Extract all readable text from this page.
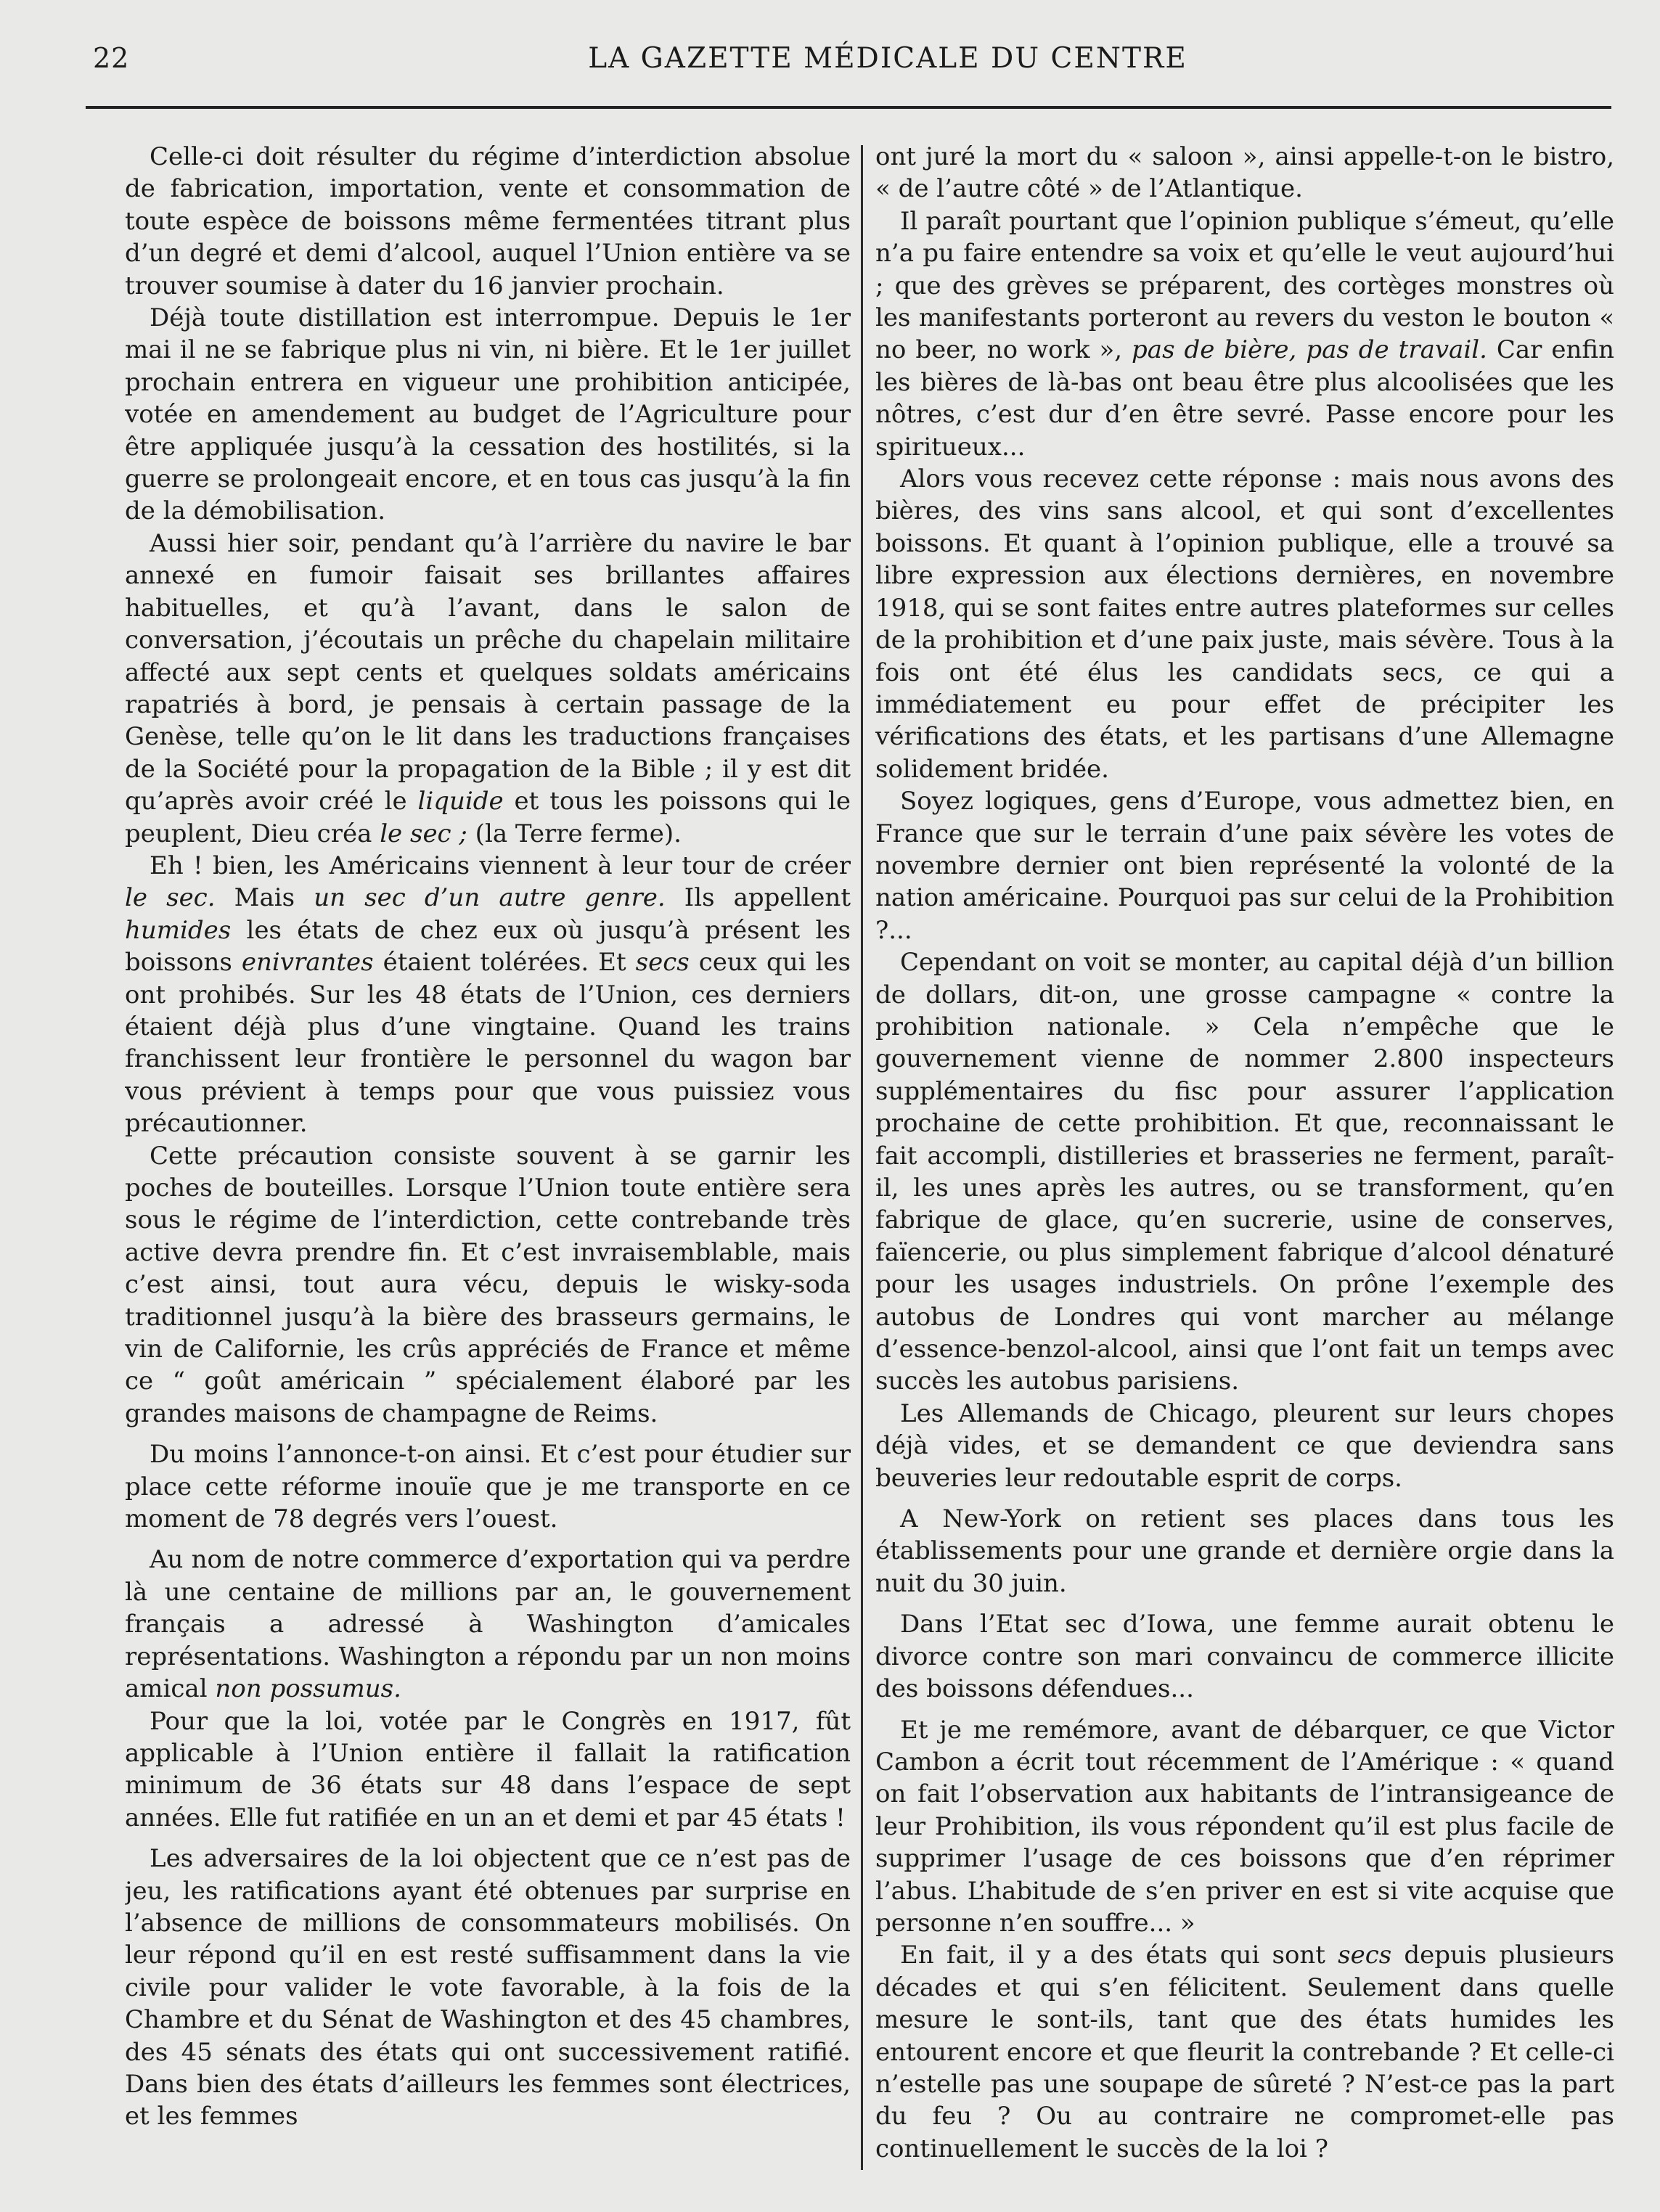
22	LA GAZETTE MÉDICALE DU CENTRE

Celle-ci doit résulter du régime d’interdiction absolue de fabrication, importation, vente et consommation de toute espèce de boissons même fermentées titrant plus d’un degré et demi d’alcool, auquel l’Union entière va se trouver soumise à dater du 16 janvier prochain.

Déjà toute distillation est interrompue. Depuis le 1er mai il ne se fabrique plus ni vin, ni bière. Et le 1er juillet prochain entrera en vigueur une prohibition anticipée, votée en amendement au budget de l’Agriculture pour être appliquée jusqu’à la cessation des hostilités, si la guerre se prolongeait encore, et en tous cas jusqu’à la fin de la démobilisation.

Aussi hier soir, pendant qu’à l’arrière du navire le bar annexé en fumoir faisait ses brillantes affaires habituelles, et qu’à l’avant, dans le salon de conversation, j’écoutais un prêche du chapelain militaire affecté aux sept cents et quelques soldats américains rapatriés à bord, je pensais à certain passage de la Genèse, telle qu’on le lit dans les traductions françaises de la Société pour la propagation de la Bible ; il y est dit qu’après avoir créé le liquide et tous les poissons qui le peuplent, Dieu créa le sec ; (la Terre ferme).

Eh ! bien, les Américains viennent à leur tour de créer le sec. Mais un sec d’un autre genre. Ils appellent humides les états de chez eux où jusqu’à présent les boissons enivrantes étaient tolérées. Et secs ceux qui les ont prohibés. Sur les 48 états de l’Union, ces derniers étaient déjà plus d’une vingtaine. Quand les trains franchissent leur frontière le personnel du wagon bar vous prévient à temps pour que vous puissiez vous précautionner.

Cette précaution consiste souvent à se garnir les poches de bouteilles. Lorsque l’Union toute entière sera sous le régime de l’interdiction, cette contrebande très active devra prendre fin. Et c’est invraisemblable, mais c’est ainsi, tout aura vécu, depuis le wisky-soda traditionnel jusqu’à la bière des brasseurs germains, le vin de Californie, les crûs appréciés de France et même ce “ goût américain ” spécialement élaboré par les grandes maisons de champagne de Reims.

Du moins l’annonce-t-on ainsi. Et c’est pour étudier sur place cette réforme inouïe que je me transporte en ce moment de 78 degrés vers l’ouest.

Au nom de notre commerce d’exportation qui va perdre là une centaine de millions par an, le gouvernement français a adressé à Washington d’amicales représentations. Washington a répondu par un non moins amical non possumus.

Pour que la loi, votée par le Congrès en 1917, fût applicable à l’Union entière il fallait la ratification minimum de 36 états sur 48 dans l’espace de sept années. Elle fut ratifiée en un an et demi et par 45 états !

Les adversaires de la loi objectent que ce n’est pas de jeu, les ratifications ayant été obtenues par surprise en l’absence de millions de consommateurs mobilisés. On leur répond qu’il en est resté suffisamment dans la vie civile pour valider le vote favorable, à la fois de la Chambre et du Sénat de Washington et des 45 chambres, des 45 sénats des états qui ont successivement ratifié. Dans bien des états d’ailleurs les femmes sont électrices, et les femmes

ont juré la mort du « saloon », ainsi appelle-t-on le bistro, « de l’autre côté » de l’Atlantique.

Il paraît pourtant que l’opinion publique s’émeut, qu’elle n’a pu faire entendre sa voix et qu’elle le veut aujourd’hui ; que des grèves se préparent, des cortèges monstres où les manifestants porteront au revers du veston le bouton « no beer, no work », pas de bière, pas de travail. Car enfin les bières de là-bas ont beau être plus alcoolisées que les nôtres, c’est dur d’en être sevré. Passe encore pour les spiritueux...

Alors vous recevez cette réponse : mais nous avons des bières, des vins sans alcool, et qui sont d’excellentes boissons. Et quant à l’opinion publique, elle a trouvé sa libre expression aux élections dernières, en novembre 1918, qui se sont faites entre autres plateformes sur celles de la prohibition et d’une paix juste, mais sévère. Tous à la fois ont été élus les candidats secs, ce qui a immédiatement eu pour effet de précipiter les vérifications des états, et les partisans d’une Allemagne solidement bridée.

Soyez logiques, gens d’Europe, vous admettez bien, en France que sur le terrain d’une paix sévère les votes de novembre dernier ont bien représenté la volonté de la nation américaine. Pourquoi pas sur celui de la Prohibition ?...

Cependant on voit se monter, au capital déjà d’un billion de dollars, dit-on, une grosse campagne « contre la prohibition nationale. » Cela n’empêche que le gouvernement vienne de nommer 2.800 inspecteurs supplémentaires du fisc pour assurer l’application prochaine de cette prohibition. Et que, reconnaissant le fait accompli, distilleries et brasseries ne ferment, paraît-il, les unes après les autres, ou se transforment, qu’en fabrique de glace, qu’en sucrerie, usine de conserves, faïencerie, ou plus simplement fabrique d’alcool dénaturé pour les usages industriels. On prône l’exemple des autobus de Londres qui vont marcher au mélange d’essence-benzol-alcool, ainsi que l’ont fait un temps avec succès les autobus parisiens.

Les Allemands de Chicago, pleurent sur leurs chopes déjà vides, et se demandent ce que deviendra sans beuveries leur redoutable esprit de corps.

A New-York on retient ses places dans tous les établissements pour une grande et dernière orgie dans la nuit du 30 juin.

Dans l’Etat sec d’Iowa, une femme aurait obtenu le divorce contre son mari convaincu de commerce illicite des boissons défendues...

Et je me remémore, avant de débarquer, ce que Victor Cambon a écrit tout récemment de l’Amérique : « quand on fait l’observation aux habitants de l’intransigeance de leur Prohibition, ils vous répondent qu’il est plus facile de supprimer l’usage de ces boissons que d’en réprimer l’abus. L’habitude de s’en priver en est si vite acquise que personne n’en souffre... »

En fait, il y a des états qui sont secs depuis plusieurs décades et qui s’en félicitent. Seulement dans quelle mesure le sont-ils, tant que des états humides les entourent encore et que fleurit la contrebande ? Et celle-ci n’estelle pas une soupape de sûreté ? N’est-ce pas la part du feu ? Ou au contraire ne compromet-elle pas continuellement le succès de la loi ?
